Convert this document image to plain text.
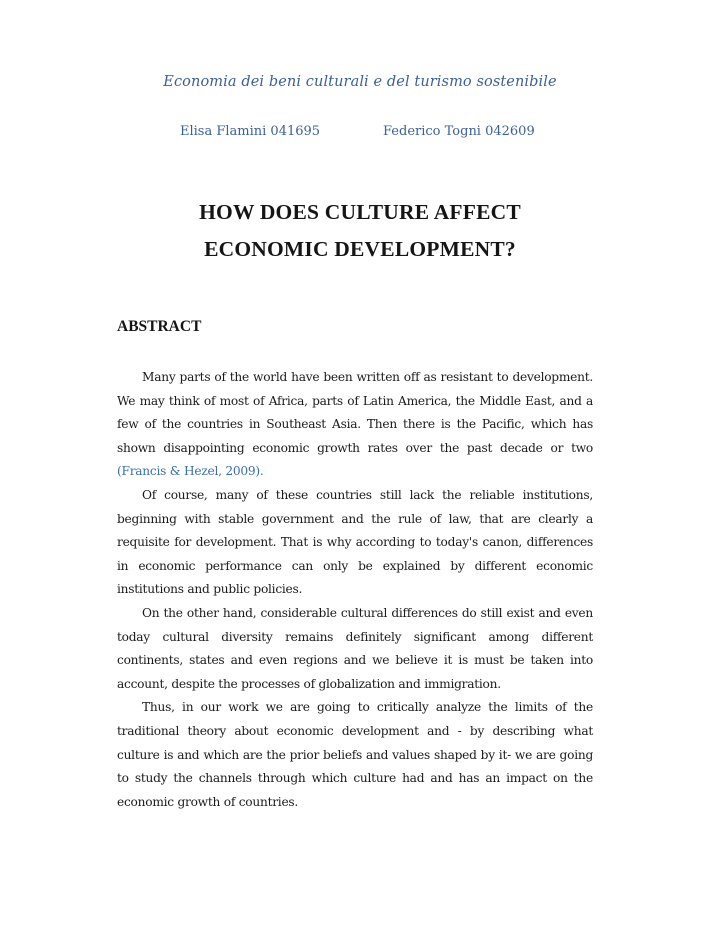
Economia dei beni culturali e del turismo sostenibile
Elisa Flamini 041695	Federico Togni 042609
HOW DOES CULTURE AFFECT
ECONOMIC DEVELOPMENT?
ABSTRACT

Many parts of the world have been written off as resistant to development. We may think of most of Africa, parts of Latin America, the Middle East, and a few of the countries in Southeast Asia. Then there is the Pacific, which has shown disappointing economic growth rates over the past decade or two (Francis & Hezel, 2009).

Of course, many of these countries still lack the reliable institutions, beginning with stable government and the rule of law, that are clearly a requisite for development. That is why according to today's canon, differences in economic performance can only be explained by different economic institutions and public policies.

On the other hand, considerable cultural differences do still exist and even today cultural diversity remains definitely significant among different continents, states and even regions and we believe it is must be taken into account, despite the processes of globalization and immigration.

Thus, in our work we are going to critically analyze the limits of the traditional theory about economic development and - by describing what culture is and which are the prior beliefs and values shaped by it- we are going to study the channels through which culture had and has an impact on the economic growth of countries.
